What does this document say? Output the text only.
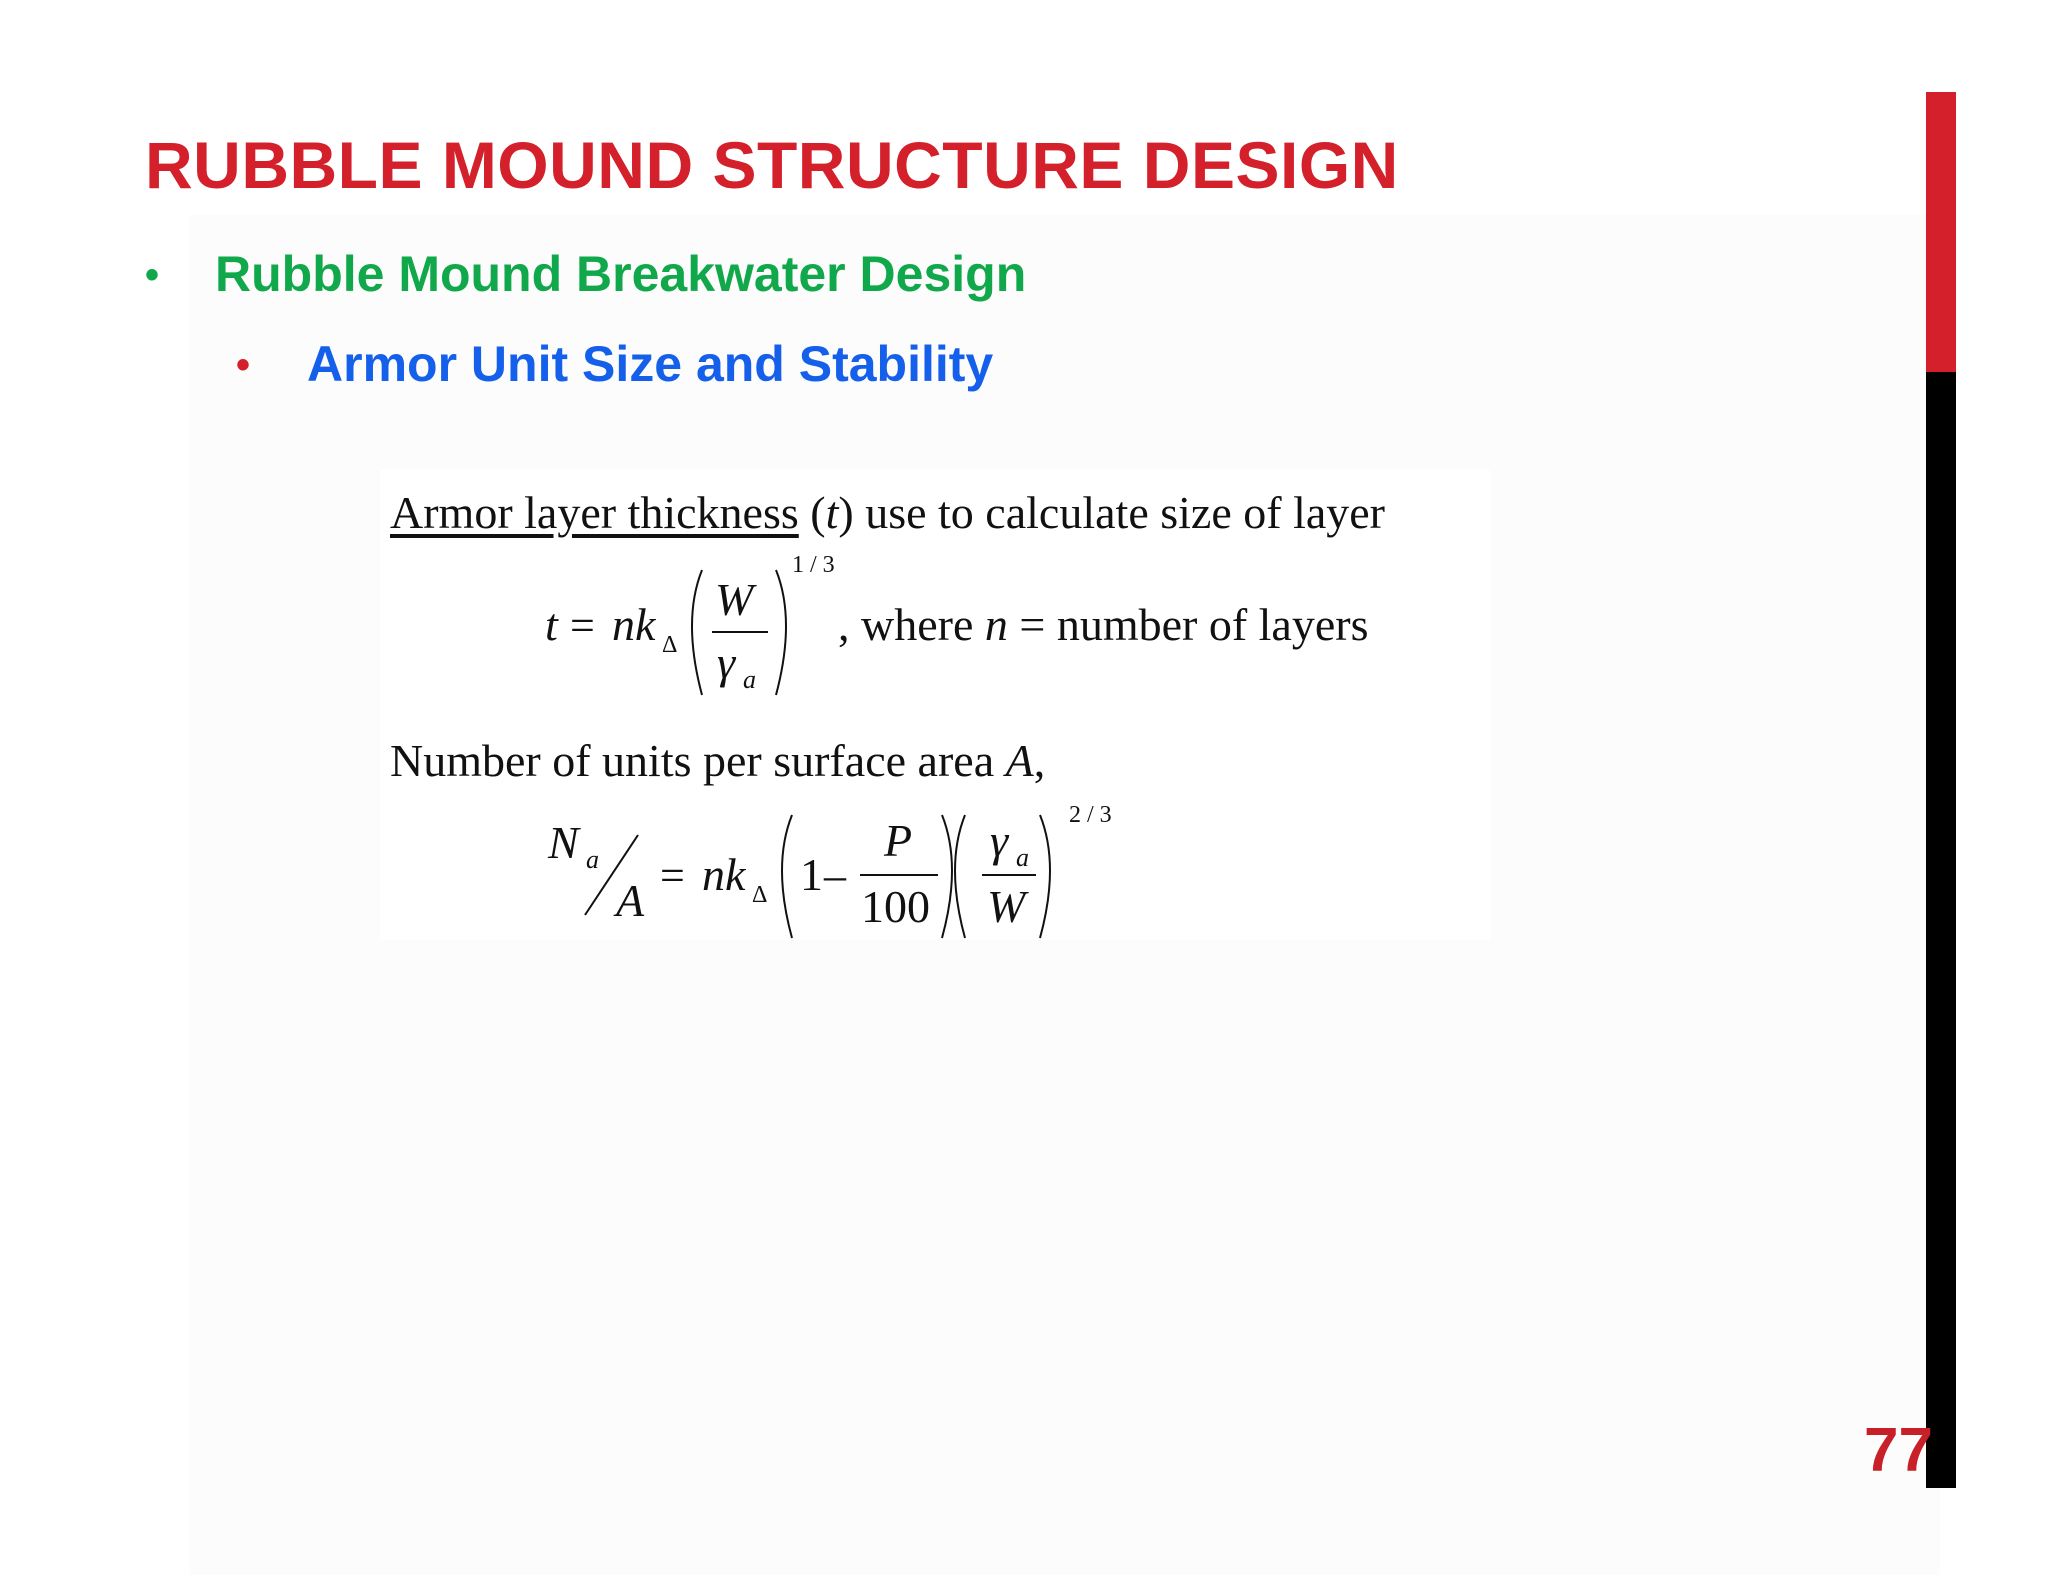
RUBBLE MOUND STRUCTURE DESIGN
• Rubble Mound Breakwater Design
• Armor Unit Size and Stability
Armor layer thickness (t) use to calculate size of layer
t = nk Δ
W
γ a
1 / 3
, where n = number of layers
Number of units per surface area A,
N a
A = nk Δ 1 –
P
100
γ a
W
2 / 3
77
